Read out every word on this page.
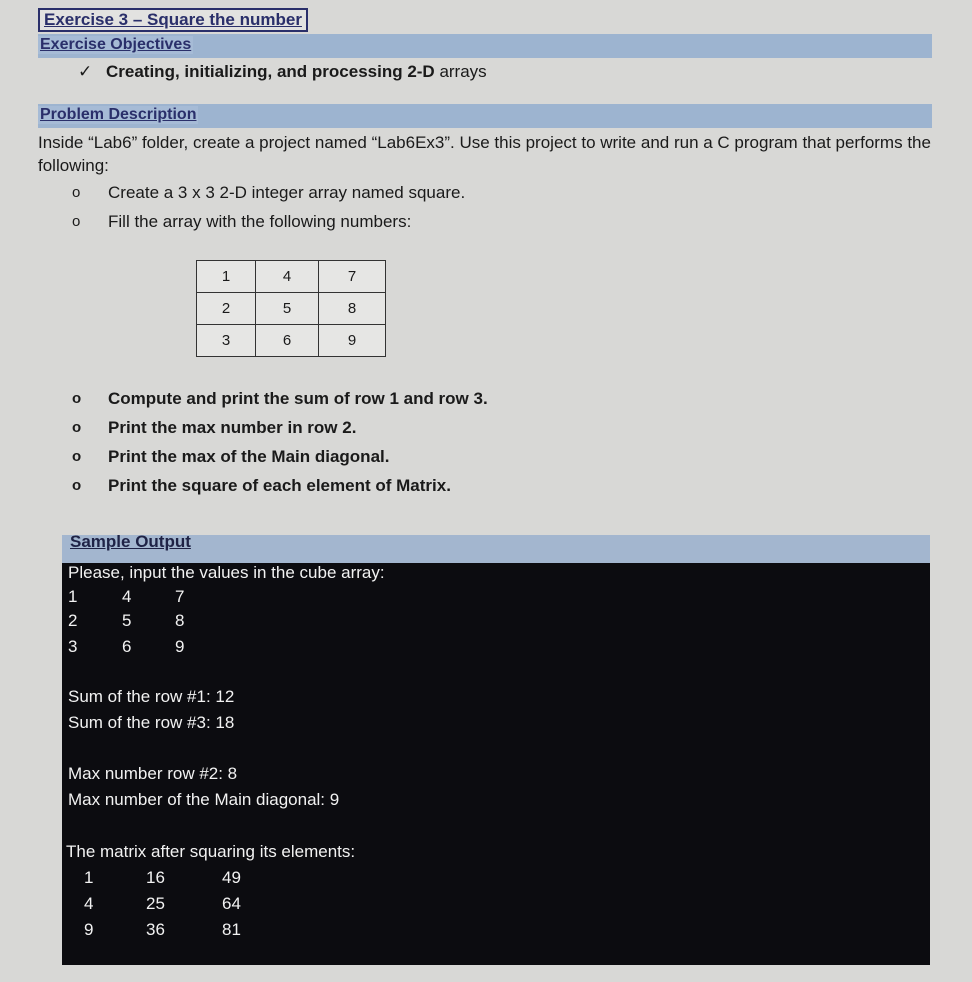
Exercise 3 – Square the number
Exercise Objectives
✓ Creating, initializing, and processing 2-D arrays
Problem Description
Inside “Lab6” folder, create a project named “Lab6Ex3”. Use this project to write and run a C program that performs the following:
o Create a 3 x 3 2-D integer array named square.
o Fill the array with the following numbers:
1	4	7
2	5	8
3	6	9
o Compute and print the sum of row 1 and row 3.
o Print the max number in row 2.
o Print the max of the Main diagonal.
o Print the square of each element of Matrix.
Sample Output
Please, input the values in the cube array:
1	4	7
2	5	8
3	6	9
Sum of the row #1: 12
Sum of the row #3: 18
Max number row #2: 8
Max number of the Main diagonal: 9
The matrix after squaring its elements:
1	16	49
4	25	64
9	36	81
